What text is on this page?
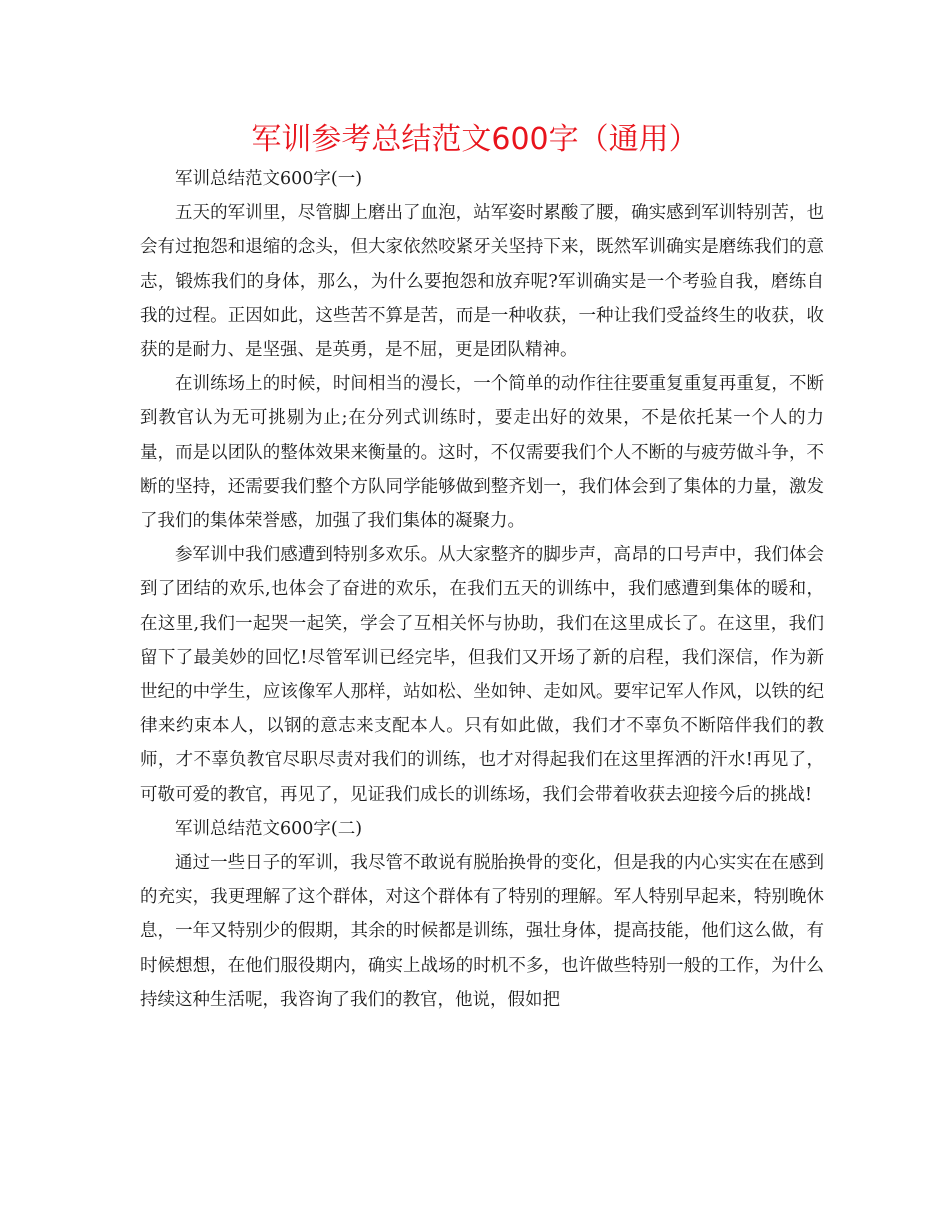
军训参考总结范文600字（通用）

军训总结范文600字(一)

五天的军训里，尽管脚上磨出了血泡，站军姿时累酸了腰，确实感到军训特别苦，也会有过抱怨和退缩的念头，但大家依然咬紧牙关坚持下来，既然军训确实是磨练我们的意志，锻炼我们的身体，那么，为什么要抱怨和放弃呢?军训确实是一个考验自我，磨练自我的过程。正因如此，这些苦不算是苦，而是一种收获，一种让我们受益终生的收获，收获的是耐力、是坚强、是英勇，是不屈，更是团队精神。

在训练场上的时候，时间相当的漫长，一个简单的动作往往要重复重复再重复，不断到教官认为无可挑剔为止;在分列式训练时，要走出好的效果，不是依托某一个人的力量，而是以团队的整体效果来衡量的。这时，不仅需要我们个人不断的与疲劳做斗争，不断的坚持，还需要我们整个方队同学能够做到整齐划一，我们体会到了集体的力量，激发了我们的集体荣誉感，加强了我们集体的凝聚力。

参军训中我们感遭到特别多欢乐。从大家整齐的脚步声，高昂的口号声中，我们体会到了团结的欢乐,也体会了奋进的欢乐，在我们五天的训练中，我们感遭到集体的暖和，在这里,我们一起哭一起笑，学会了互相关怀与协助，我们在这里成长了。在这里，我们留下了最美妙的回忆!尽管军训已经完毕，但我们又开场了新的启程，我们深信，作为新世纪的中学生，应该像军人那样，站如松、坐如钟、走如风。要牢记军人作风，以铁的纪律来约束本人，以钢的意志来支配本人。只有如此做，我们才不辜负不断陪伴我们的教师，才不辜负教官尽职尽责对我们的训练，也才对得起我们在这里挥洒的汗水!再见了，可敬可爱的教官，再见了，见证我们成长的训练场，我们会带着收获去迎接今后的挑战!

军训总结范文600字(二)

通过一些日子的军训，我尽管不敢说有脱胎换骨的变化，但是我的内心实实在在感到的充实，我更理解了这个群体，对这个群体有了特别的理解。军人特别早起来，特别晚休息，一年又特别少的假期，其余的时候都是训练，强壮身体，提高技能，他们这么做，有时候想想，在他们服役期内，确实上战场的时机不多，也许做些特别一般的工作，为什么持续这种生活呢，我咨询了我们的教官，他说，假如把
